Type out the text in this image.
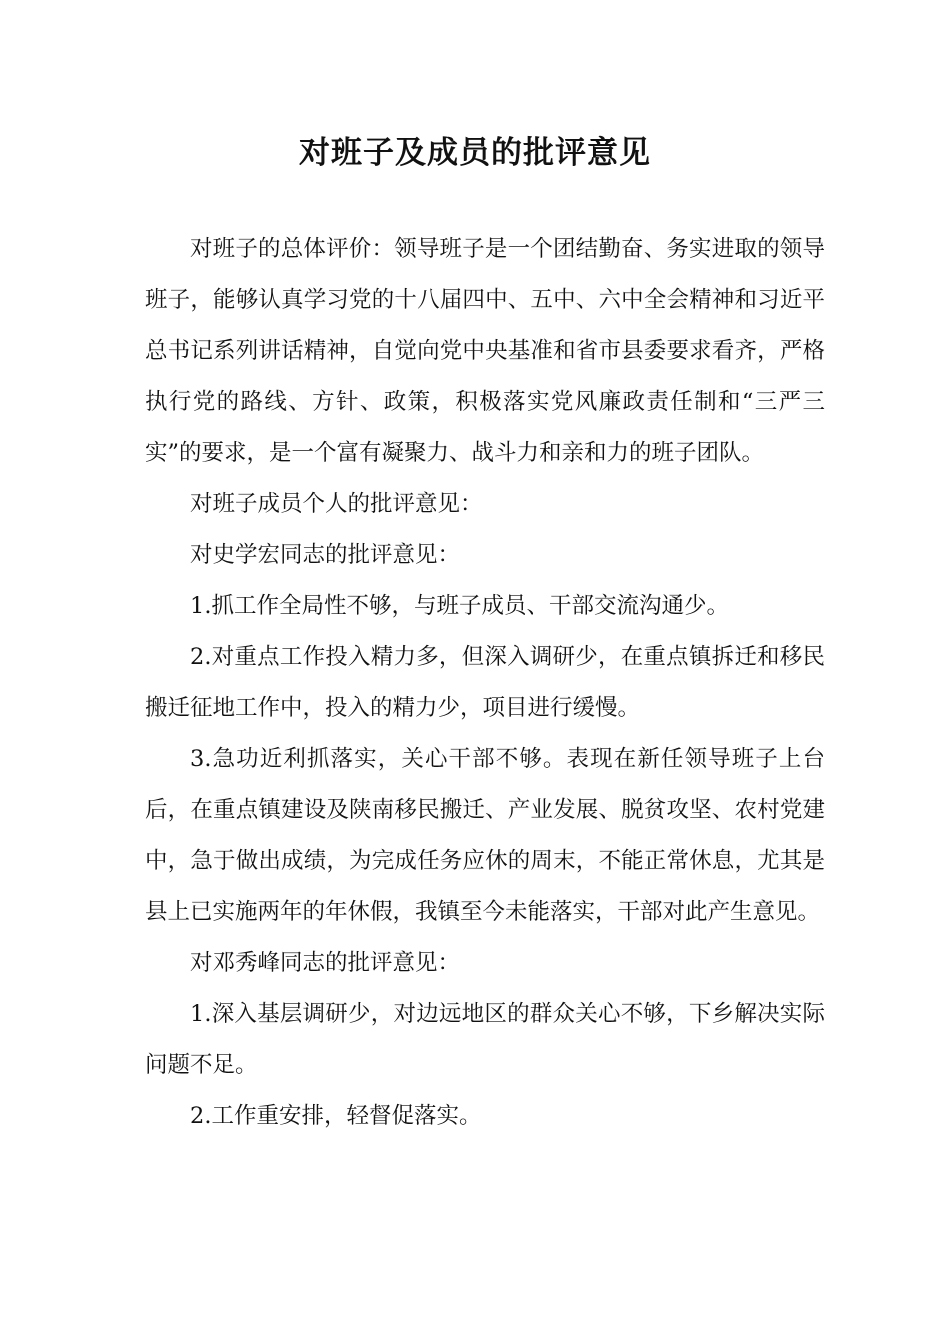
对班子及成员的批评意见

对班子的总体评价：领导班子是一个团结勤奋、务实进取的领导班子，能够认真学习党的十八届四中、五中、六中全会精神和习近平总书记系列讲话精神，自觉向党中央基准和省市县委要求看齐，严格执行党的路线、方针、政策，积极落实党风廉政责任制和“三严三实”的要求，是一个富有凝聚力、战斗力和亲和力的班子团队。

对班子成员个人的批评意见：

对史学宏同志的批评意见：

1.抓工作全局性不够，与班子成员、干部交流沟通少。

2.对重点工作投入精力多，但深入调研少，在重点镇拆迁和移民搬迁征地工作中，投入的精力少，项目进行缓慢。

3.急功近利抓落实，关心干部不够。表现在新任领导班子上台后，在重点镇建设及陕南移民搬迁、产业发展、脱贫攻坚、农村党建中，急于做出成绩，为完成任务应休的周末，不能正常休息，尤其是县上已实施两年的年休假，我镇至今未能落实，干部对此产生意见。

对邓秀峰同志的批评意见：

1.深入基层调研少，对边远地区的群众关心不够，下乡解决实际问题不足。

2.工作重安排，轻督促落实。
